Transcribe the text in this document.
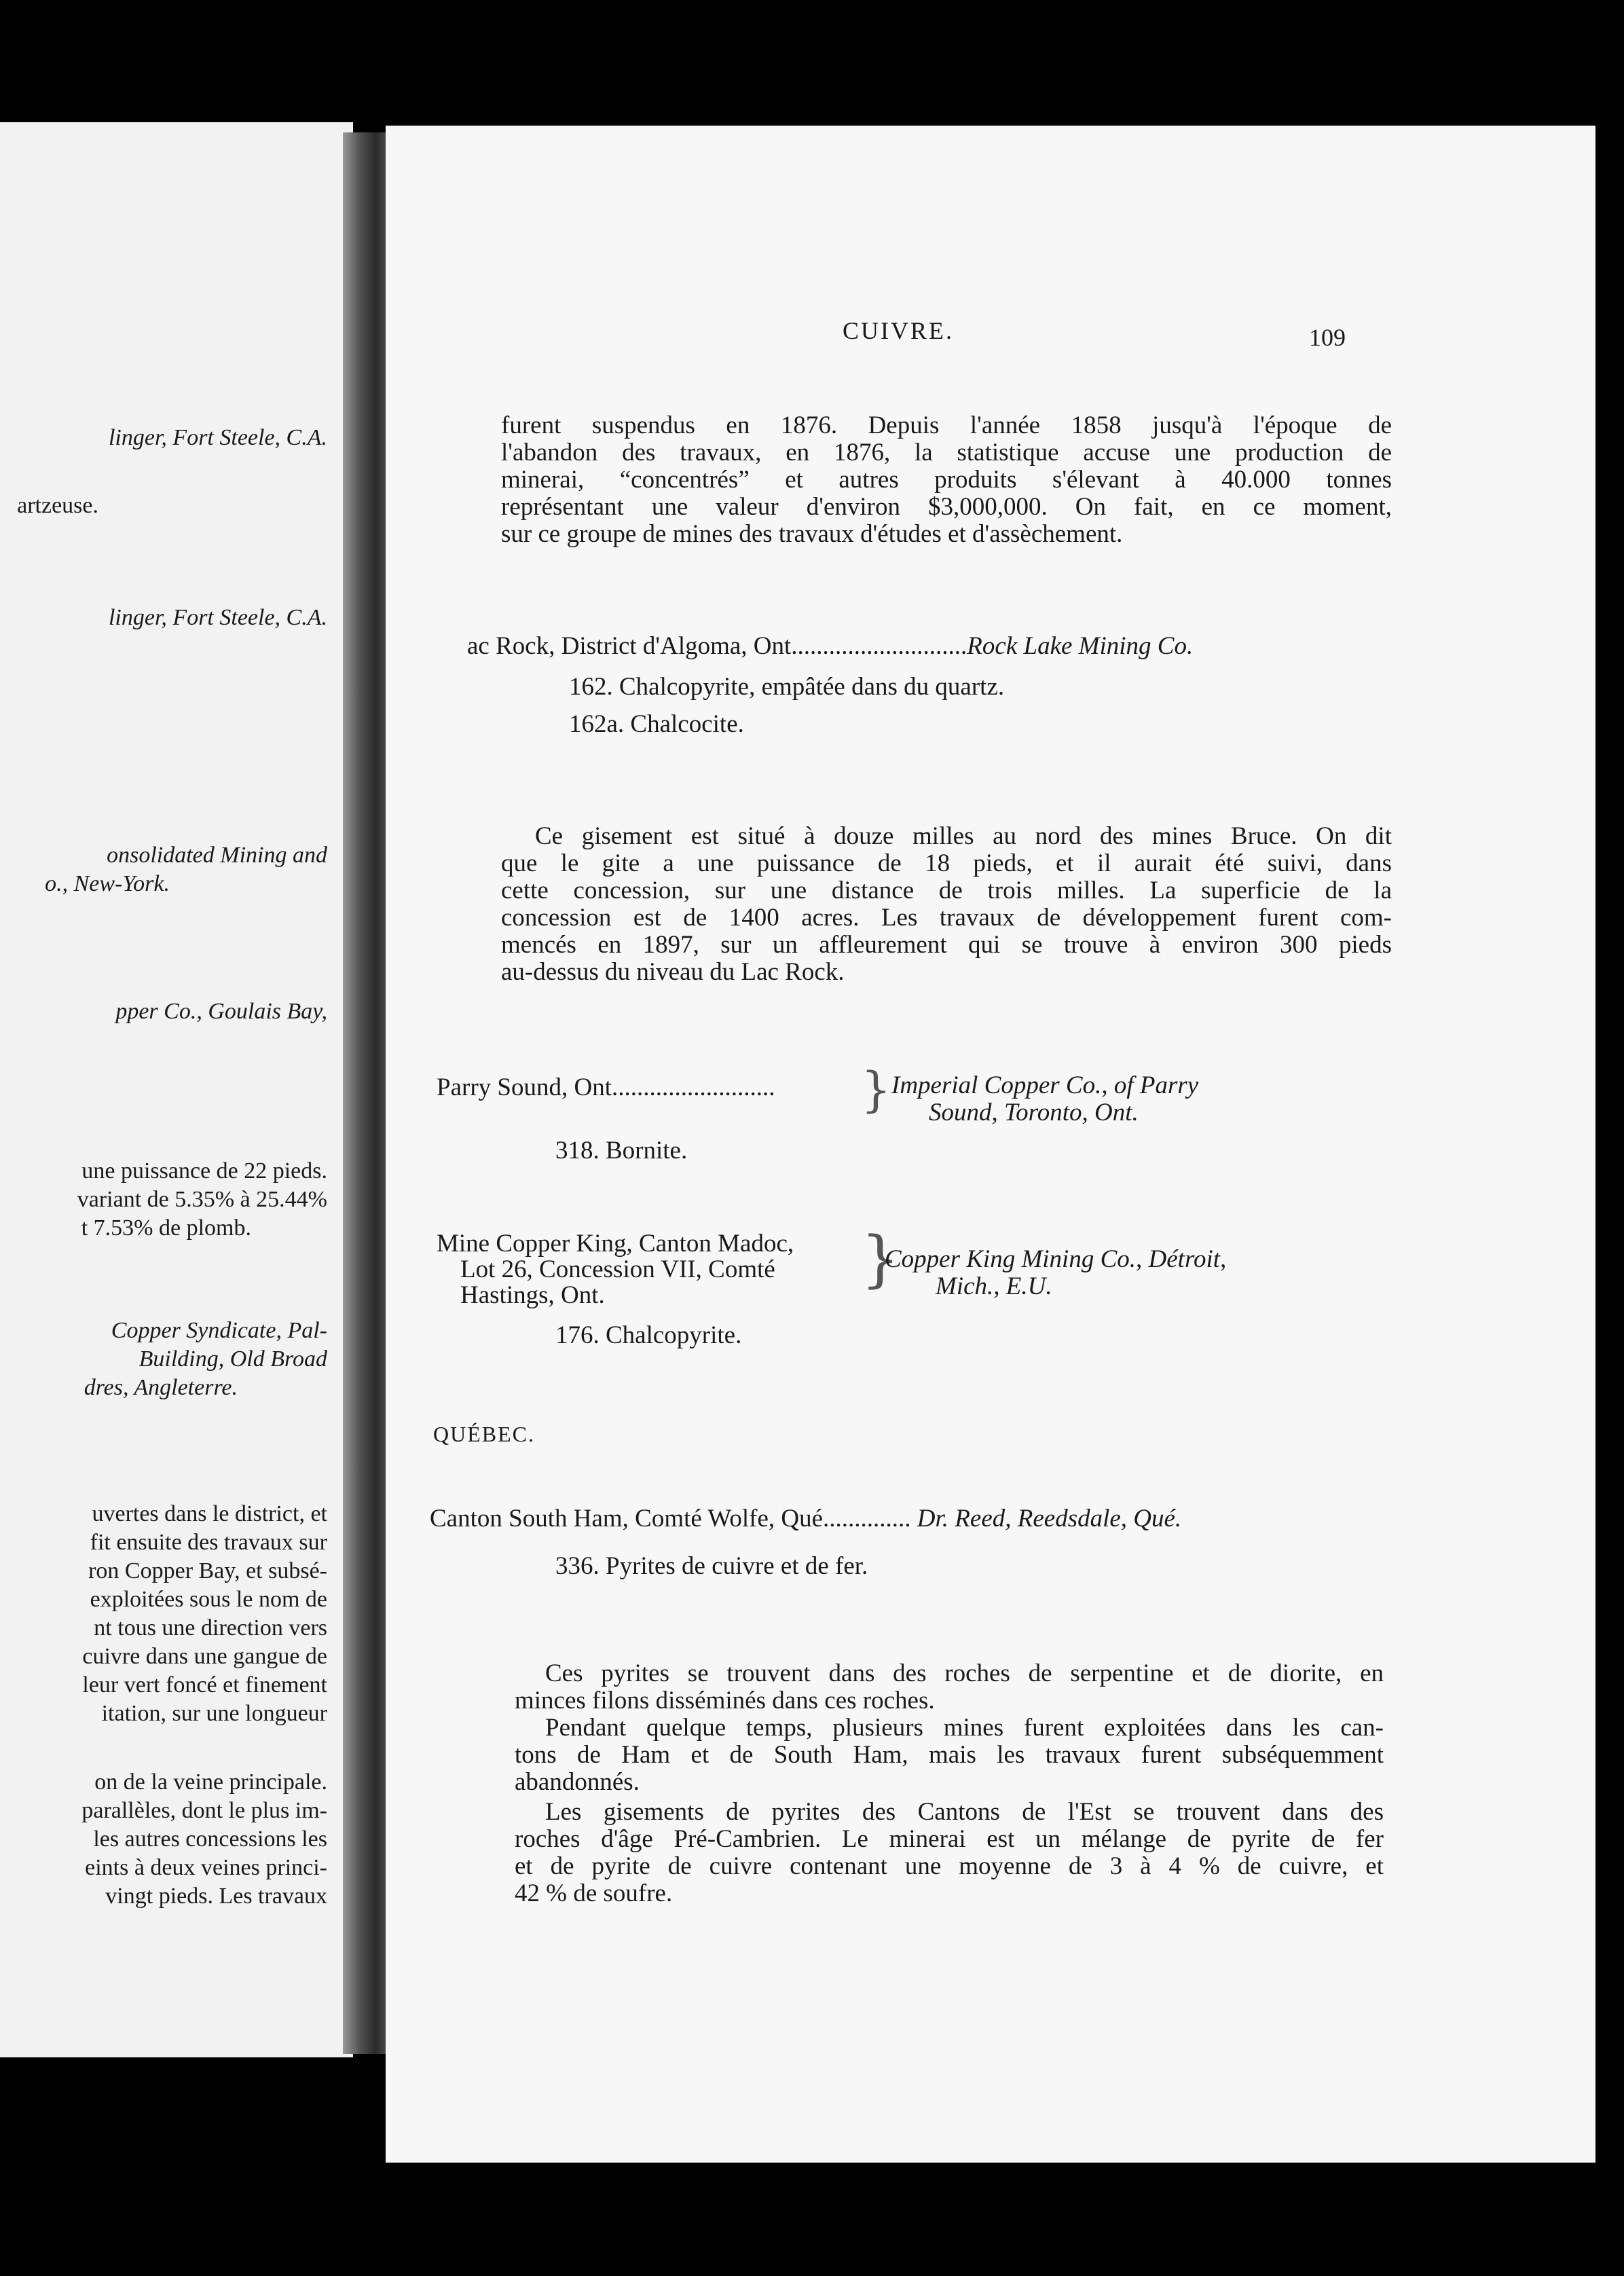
linger, Fort Steele, C.A.
artzeuse.
linger, Fort Steele, C.A.
onsolidated Mining and
o., New-York.
pper Co., Goulais Bay,
une puissance de 22 pieds.
variant de 5.35% à 25.44%
t 7.53% de plomb.
Copper Syndicate, Pal-
Building, Old Broad
dres, Angleterre.
uvertes dans le district, et
fit ensuite des travaux sur
ron Copper Bay, et subsé-
exploitées sous le nom de
nt tous une direction vers
cuivre dans une gangue de
leur vert foncé et finement
itation, sur une longueur
on de la veine principale.
parallèles, dont le plus im-
les autres concessions les
eints à deux veines princi-
vingt pieds. Les travaux
CUIVRE.	109
furent suspendus en 1876. Depuis l'année 1858 jusqu'à l'époque de
l'abandon des travaux, en 1876, la statistique accuse une production de
minerai, “concentrés” et autres produits s'élevant à 40.000 tonnes
représentant une valeur d'environ $3,000,000. On fait, en ce moment,
sur ce groupe de mines des travaux d'études et d'assèchement.
ac Rock, District d'Algoma, Ont............................Rock Lake Mining Co.
162. Chalcopyrite, empâtée dans du quartz.
162a. Chalcocite.
Ce gisement est situé à douze milles au nord des mines Bruce. On dit
que le gite a une puissance de 18 pieds, et il aurait été suivi, dans
cette concession, sur une distance de trois milles. La superficie de la
concession est de 1400 acres. Les travaux de développement furent com-
mencés en 1897, sur un affleurement qui se trouve à environ 300 pieds
au-dessus du niveau du Lac Rock.
Parry Sound, Ont.......................... } Imperial Copper Co., of Parry
Sound, Toronto, Ont.
318. Bornite.
Mine Copper King, Canton Madoc,
Lot 26, Concession VII, Comté
Hastings, Ont.
}
Copper King Mining Co., Détroit,
Mich., E.U.
176. Chalcopyrite.
QUÉBEC.
Canton South Ham, Comté Wolfe, Qué.............. Dr. Reed, Reedsdale, Qué.
336. Pyrites de cuivre et de fer.
Ces pyrites se trouvent dans des roches de serpentine et de diorite, en
minces filons disséminés dans ces roches.
Pendant quelque temps, plusieurs mines furent exploitées dans les can-
tons de Ham et de South Ham, mais les travaux furent subséquemment
abandonnés.
Les gisements de pyrites des Cantons de l'Est se trouvent dans des
roches d'âge Pré-Cambrien. Le minerai est un mélange de pyrite de fer
et de pyrite de cuivre contenant une moyenne de 3 à 4 % de cuivre, et
42 % de soufre.
